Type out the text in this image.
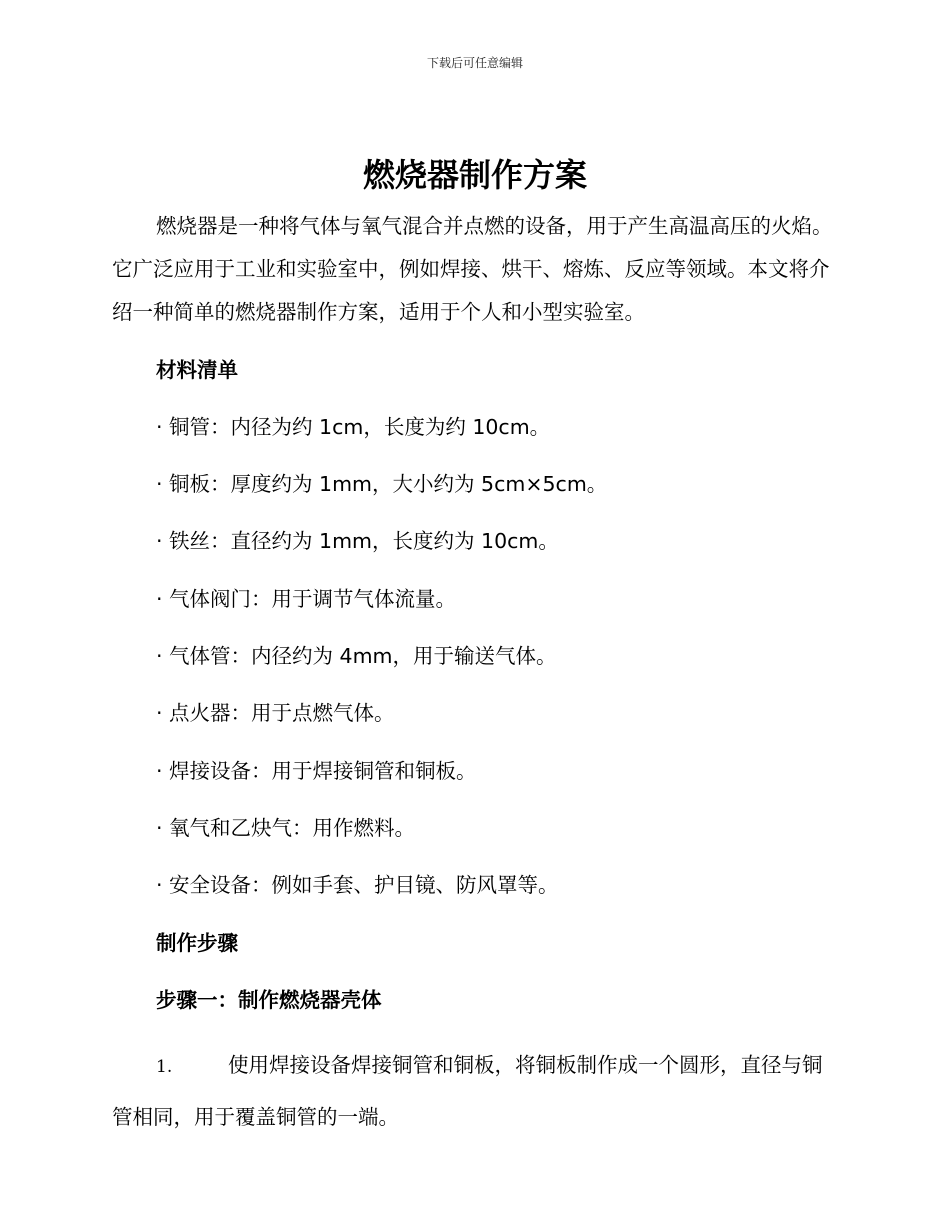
下载后可任意编辑
燃烧器制作方案

燃烧器是一种将气体与氧气混合并点燃的设备，用于产生高温高压的火焰。它广泛应用于工业和实验室中，例如焊接、烘干、熔炼、反应等领域。本文将介绍一种简单的燃烧器制作方案，适用于个人和小型实验室。

材料清单
· 铜管：内径为约 1cm，长度为约 10cm。
· 铜板：厚度约为 1mm，大小约为 5cm×5cm。
· 铁丝：直径约为 1mm，长度约为 10cm。
· 气体阀门：用于调节气体流量。
· 气体管：内径约为 4mm，用于输送气体。
· 点火器：用于点燃气体。
· 焊接设备：用于焊接铜管和铜板。
· 氧气和乙炔气：用作燃料。
· 安全设备：例如手套、护目镜、防风罩等。
制作步骤
步骤一：制作燃烧器壳体

1.	使用焊接设备焊接铜管和铜板，将铜板制作成一个圆形，直径与铜管相同，用于覆盖铜管的一端。
